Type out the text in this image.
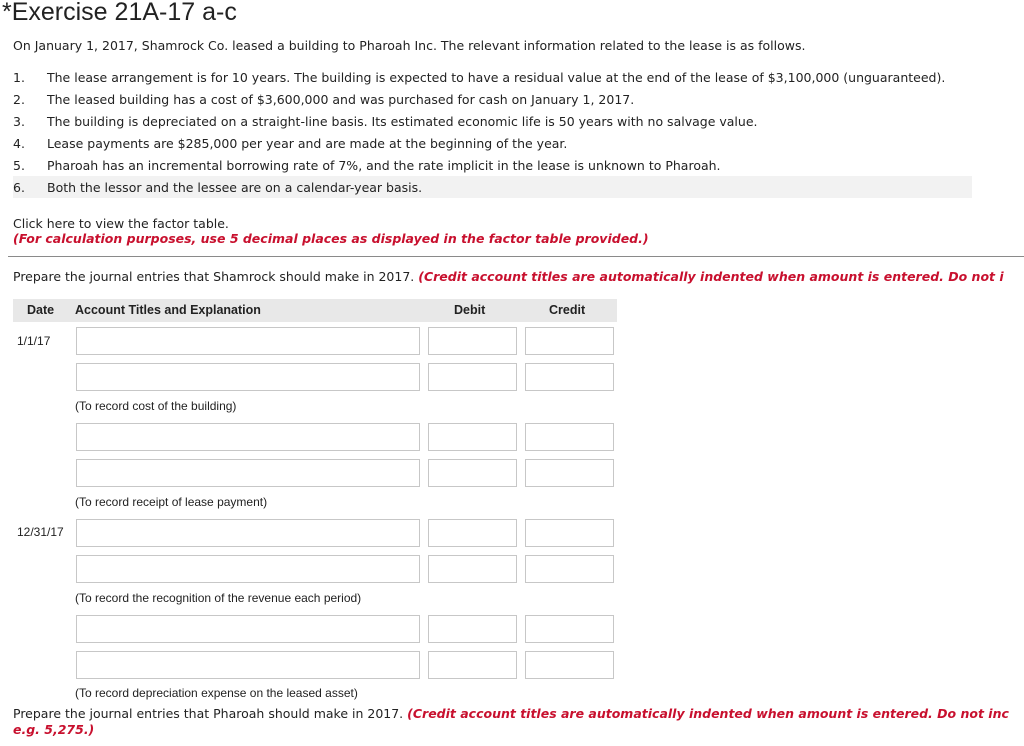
*Exercise 21A-17 a-c
On January 1, 2017, Shamrock Co. leased a building to Pharoah Inc. The relevant information related to the lease is as follows.
1.	The lease arrangement is for 10 years. The building is expected to have a residual value at the end of the lease of $3,100,000 (unguaranteed).
2.	The leased building has a cost of $3,600,000 and was purchased for cash on January 1, 2017.
3.	The building is depreciated on a straight-line basis. Its estimated economic life is 50 years with no salvage value.
4.	Lease payments are $285,000 per year and are made at the beginning of the year.
5.	Pharoah has an incremental borrowing rate of 7%, and the rate implicit in the lease is unknown to Pharoah.
6.	Both the lessor and the lessee are on a calendar-year basis.
Click here to view the factor table.
(For calculation purposes, use 5 decimal places as displayed in the factor table provided.)
Prepare the journal entries that Shamrock should make in 2017. (Credit account titles are automatically indented when amount is entered. Do not i
Date Account Titles and Explanation	Debit	Credit
1/1/17
(To record cost of the building)
(To record receipt of lease payment)
12/31/17
(To record the recognition of the revenue each period)
(To record depreciation expense on the leased asset)
Prepare the journal entries that Pharoah should make in 2017. (Credit account titles are automatically indented when amount is entered. Do not inc
e.g. 5,275.)
